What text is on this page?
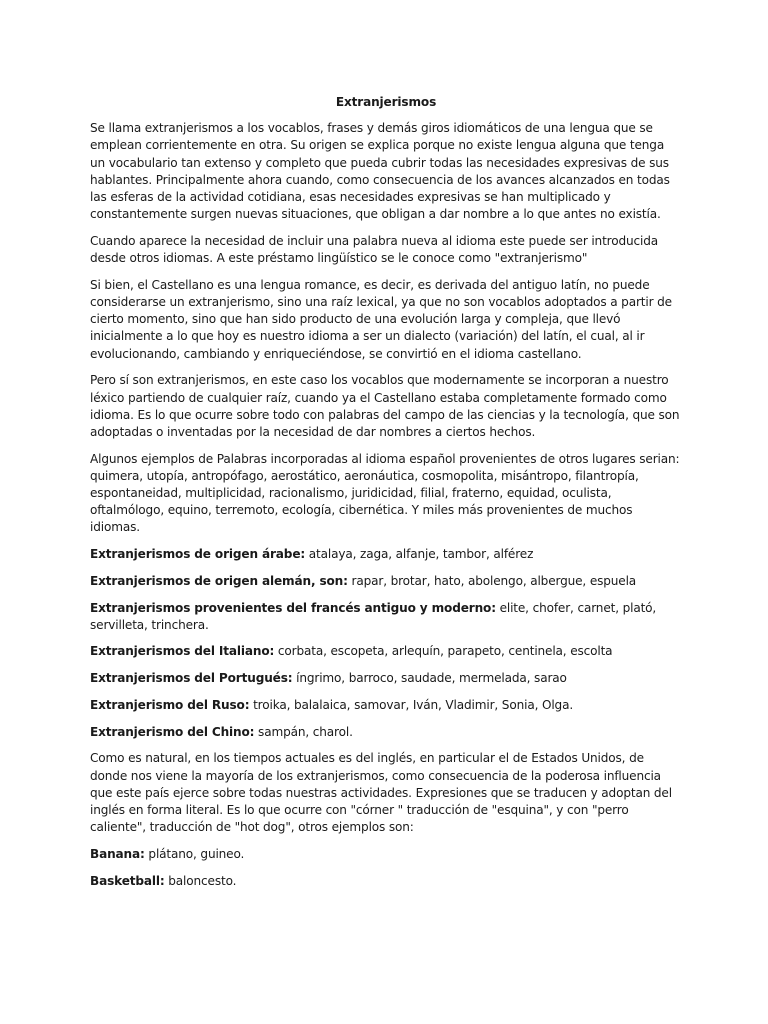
Extranjerismos

Se llama extranjerismos a los vocablos, frases y demás giros idiomáticos de una lengua que se emplean corrientemente en otra. Su origen se explica porque no existe lengua alguna que tenga un vocabulario tan extenso y completo que pueda cubrir todas las necesidades expresivas de sus hablantes. Principalmente ahora cuando, como consecuencia de los avances alcanzados en todas las esferas de la actividad cotidiana, esas necesidades expresivas se han multiplicado y constantemente surgen nuevas situaciones, que obligan a dar nombre a lo que antes no existía.

Cuando aparece la necesidad de incluir una palabra nueva al idioma este puede ser introducida desde otros idiomas. A este préstamo lingüístico se le conoce como "extranjerismo"

Si bien, el Castellano es una lengua romance, es decir, es derivada del antiguo latín, no puede considerarse un extranjerismo, sino una raíz lexical, ya que no son vocablos adoptados a partir de cierto momento, sino que han sido producto de una evolución larga y compleja, que llevó inicialmente a lo que hoy es nuestro idioma a ser un dialecto (variación) del latín, el cual, al ir evolucionando, cambiando y enriqueciéndose, se convirtió en el idioma castellano.

Pero sí son extranjerismos, en este caso los vocablos que modernamente se incorporan a nuestro léxico partiendo de cualquier raíz, cuando ya el Castellano estaba completamente formado como idioma. Es lo que ocurre sobre todo con palabras del campo de las ciencias y la tecnología, que son adoptadas o inventadas por la necesidad de dar nombres a ciertos hechos.

Algunos ejemplos de Palabras incorporadas al idioma español provenientes de otros lugares serian: quimera, utopía, antropófago, aerostático, aeronáutica, cosmopolita, misántropo, filantropía, espontaneidad, multiplicidad, racionalismo, juridicidad, filial, fraterno, equidad, oculista, oftalmólogo, equino, terremoto, ecología, cibernética. Y miles más provenientes de muchos idiomas.

Extranjerismos de origen árabe: atalaya, zaga, alfanje, tambor, alférez

Extranjerismos de origen alemán, son: rapar, brotar, hato, abolengo, albergue, espuela

Extranjerismos provenientes del francés antiguo y moderno: elite, chofer, carnet, plató, servilleta, trinchera.

Extranjerismos del Italiano: corbata, escopeta, arlequín, parapeto, centinela, escolta

Extranjerismos del Portugués: íngrimo, barroco, saudade, mermelada, sarao

Extranjerismo del Ruso: troika, balalaica, samovar, Iván, Vladimir, Sonia, Olga.

Extranjerismo del Chino: sampán, charol.

Como es natural, en los tiempos actuales es del inglés, en particular el de Estados Unidos, de donde nos viene la mayoría de los extranjerismos, como consecuencia de la poderosa influencia que este país ejerce sobre todas nuestras actividades. Expresiones que se traducen y adoptan del inglés en forma literal. Es lo que ocurre con "córner " traducción de "esquina", y con "perro caliente", traducción de "hot dog", otros ejemplos son:

Banana: plátano, guineo.

Basketball: baloncesto.
